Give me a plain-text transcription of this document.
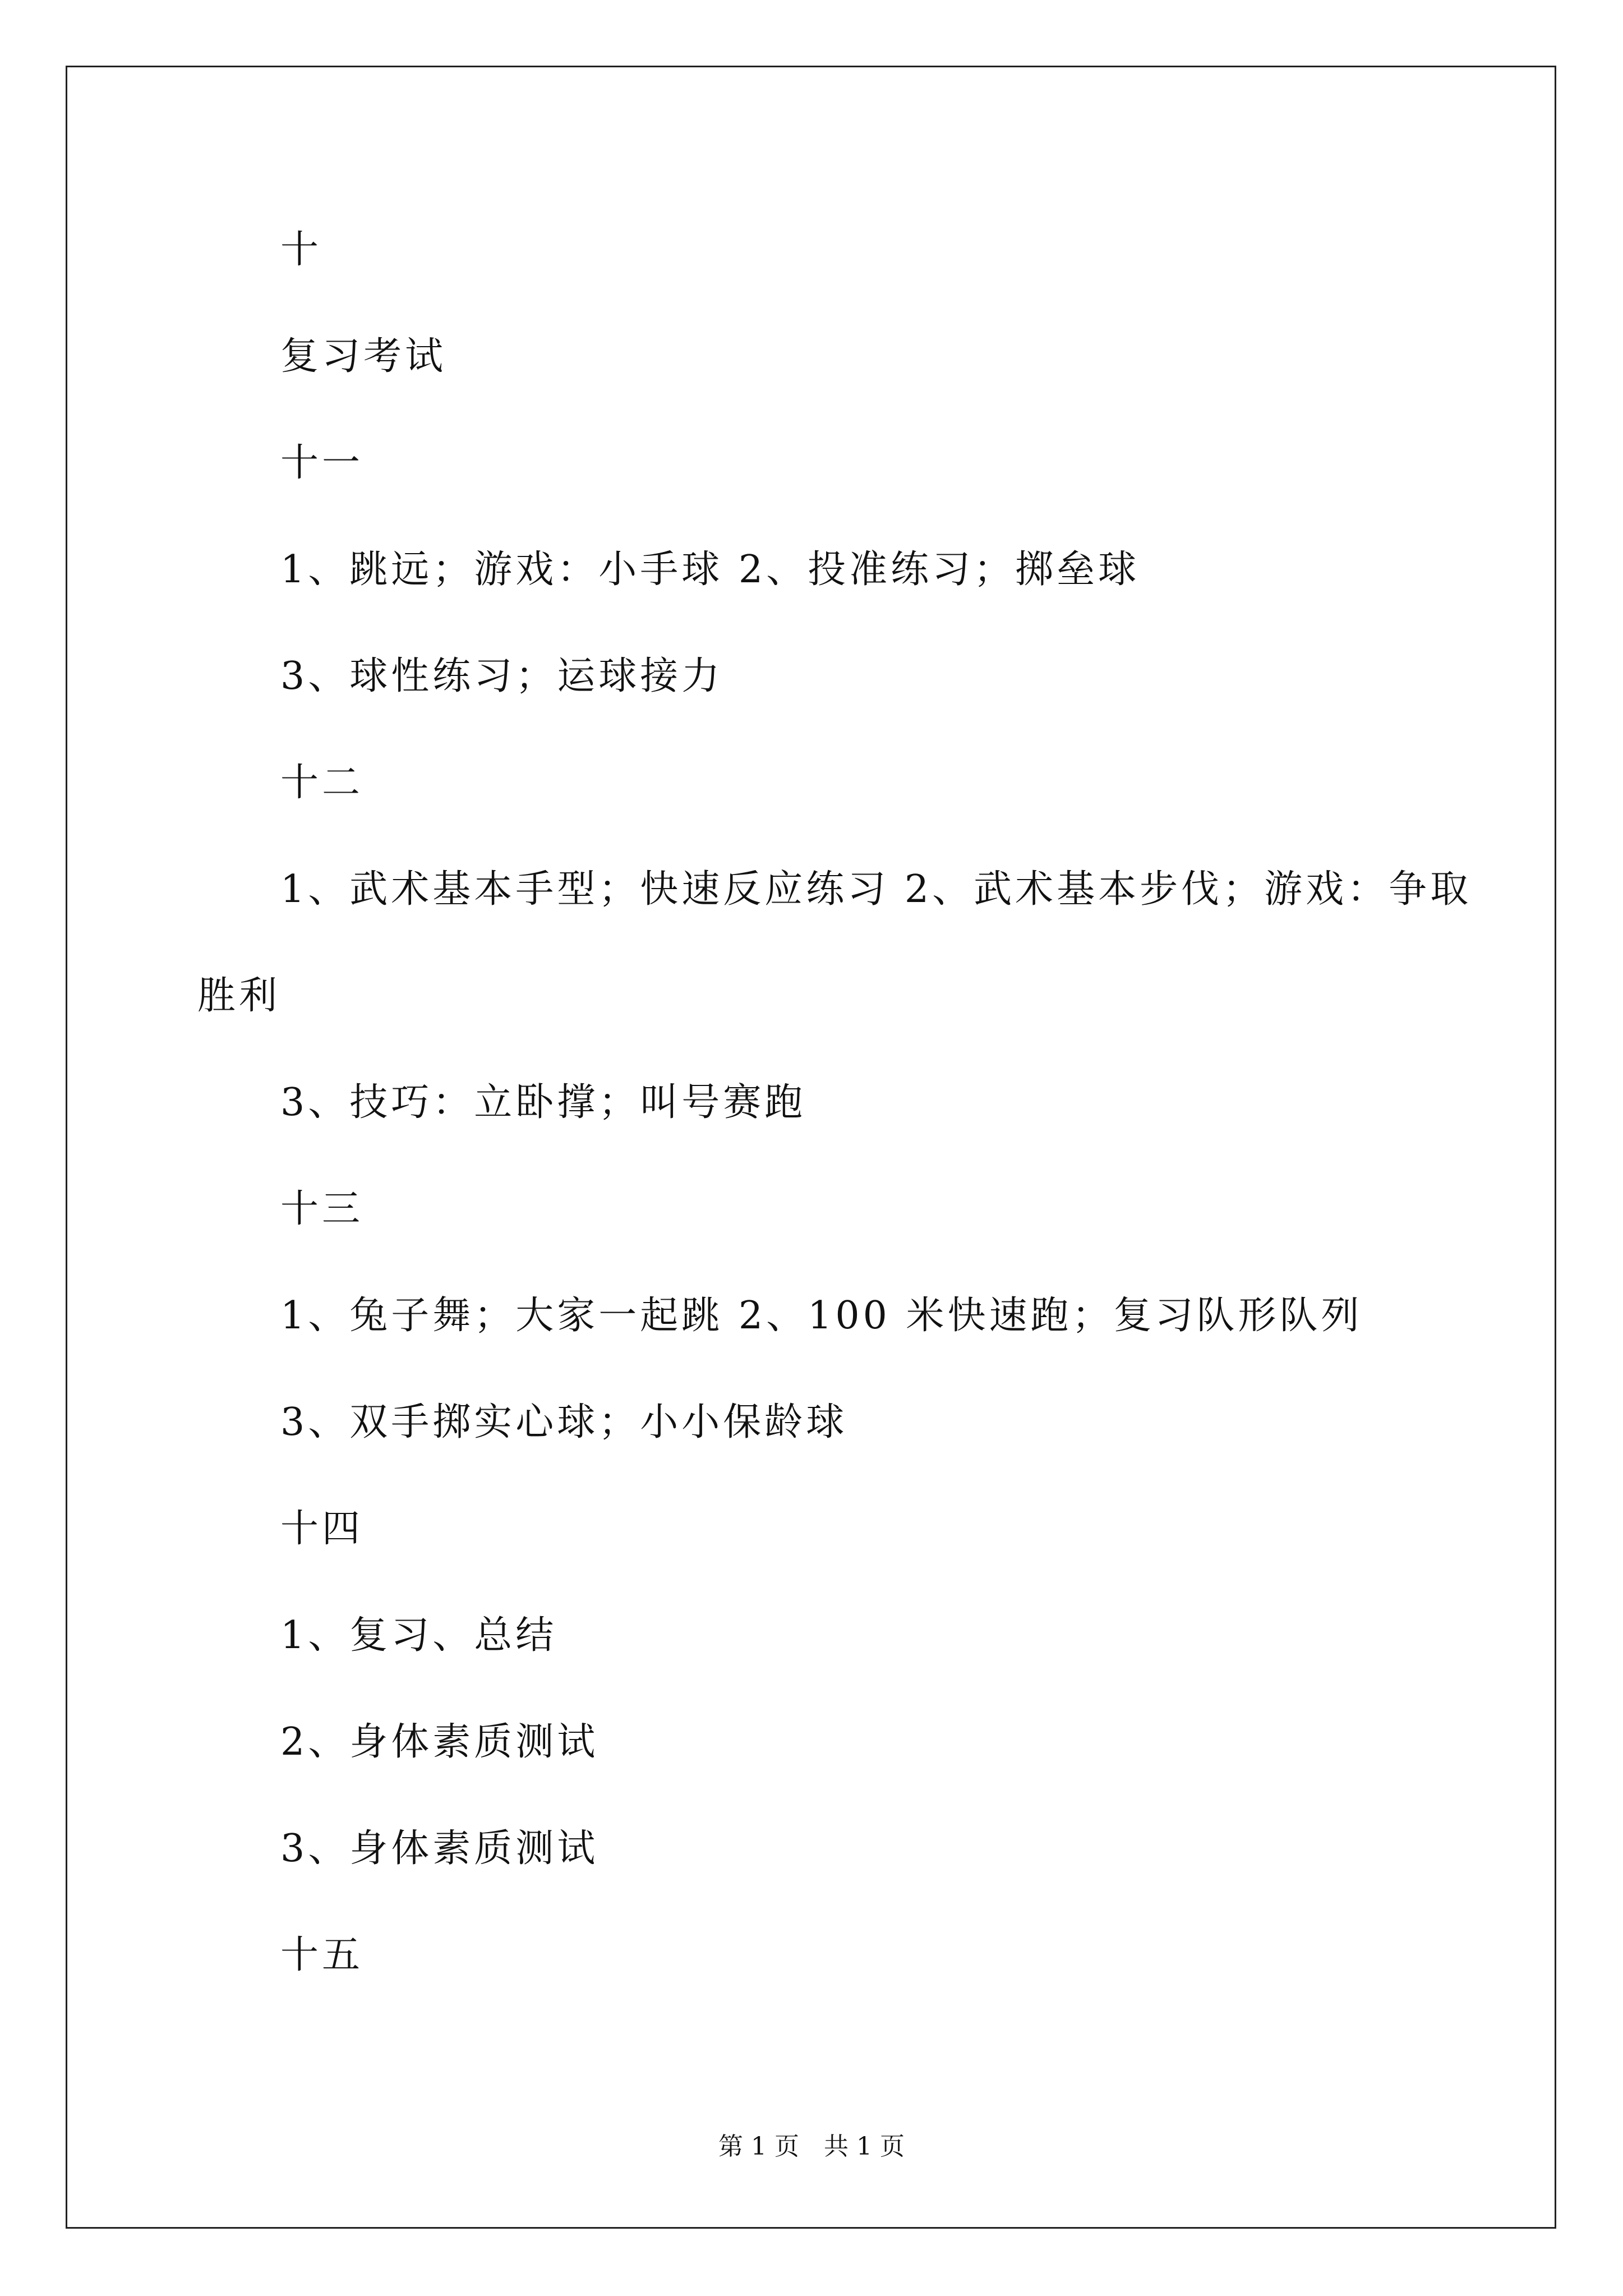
十
复习考试
十一
1、跳远；游戏：小手球 2、投准练习；掷垒球
3、球性练习；运球接力
十二
1、武术基本手型；快速反应练习 2、武术基本步伐；游戏：争取
胜利
3、技巧：立卧撑；叫号赛跑
十三
1、兔子舞；大家一起跳 2、100 米快速跑；复习队形队列
3、双手掷实心球；小小保龄球
十四
1、复习、总结
2、身体素质测试
3、身体素质测试
十五
第 1 页　共 1 页
